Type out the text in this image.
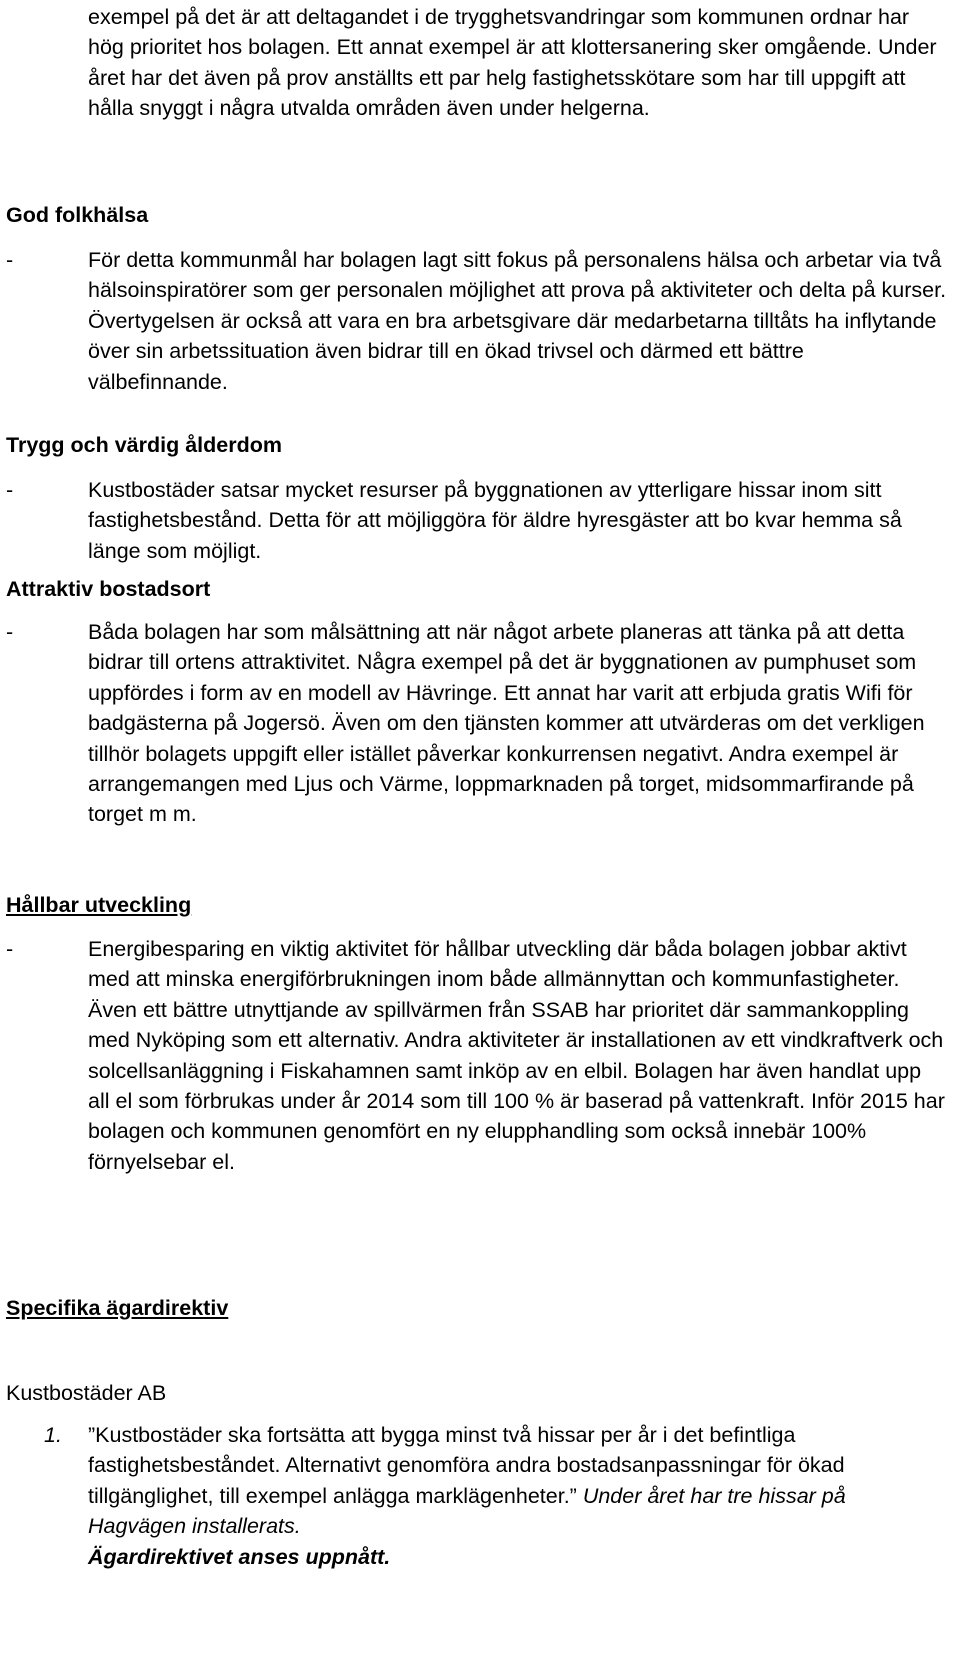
exempel på det är att deltagandet i de trygghetsvandringar som kommunen ordnar har hög prioritet hos bolagen. Ett annat exempel är att klottersanering sker omgående. Under året har det även på prov anställts ett par helg fastighetsskötare som har till uppgift att hålla snyggt i några utvalda områden även under helgerna.

God folkhälsa
-	För detta kommunmål har bolagen lagt sitt fokus på personalens hälsa och arbetar via två hälsoinspiratörer som ger personalen möjlighet att prova på aktiviteter och delta på kurser. Övertygelsen är också att vara en bra arbetsgivare där medarbetarna tilltåts ha inflytande över sin arbetssituation även bidrar till en ökad trivsel och därmed ett bättre välbefinnande.

Trygg och värdig ålderdom
-	Kustbostäder satsar mycket resurser på byggnationen av ytterligare hissar inom sitt fastighetsbestånd. Detta för att möjliggöra för äldre hyresgäster att bo kvar hemma så länge som möjligt.

Attraktiv bostadsort
-	Båda bolagen har som målsättning att när något arbete planeras att tänka på att detta bidrar till ortens attraktivitet. Några exempel på det är byggnationen av pumphuset som uppfördes i form av en modell av Hävringe. Ett annat har varit att erbjuda gratis Wifi för badgästerna på Jogersö. Även om den tjänsten kommer att utvärderas om det verkligen tillhör bolagets uppgift eller istället påverkar konkurrensen negativt. Andra exempel är arrangemangen med Ljus och Värme, loppmarknaden på torget, midsommarfirande på torget m m.

Hållbar utveckling
-	Energibesparing en viktig aktivitet för hållbar utveckling där båda bolagen jobbar aktivt med att minska energiförbrukningen inom både allmännyttan och kommunfastigheter. Även ett bättre utnyttjande av spillvärmen från SSAB har prioritet där sammankoppling med Nyköping som ett alternativ. Andra aktiviteter är installationen av ett vindkraftverk och solcellsanläggning i Fiskahamnen samt inköp av en elbil. Bolagen har även handlat upp all el som förbrukas under år 2014 som till 100 % är baserad på vattenkraft. Inför 2015 har bolagen och kommunen genomfört en ny elupphandling som också innebär 100% förnyelsebar el.

Specifika ägardirektiv
Kustbostäder AB
1.	”Kustbostäder ska fortsätta att bygga minst två hissar per år i det befintliga fastighetsbeståndet. Alternativt genomföra andra bostadsanpassningar för ökad tillgänglighet, till exempel anlägga marklägenheter.” Under året har tre hissar på Hagvägen installerats.
Ägardirektivet anses uppnått.
